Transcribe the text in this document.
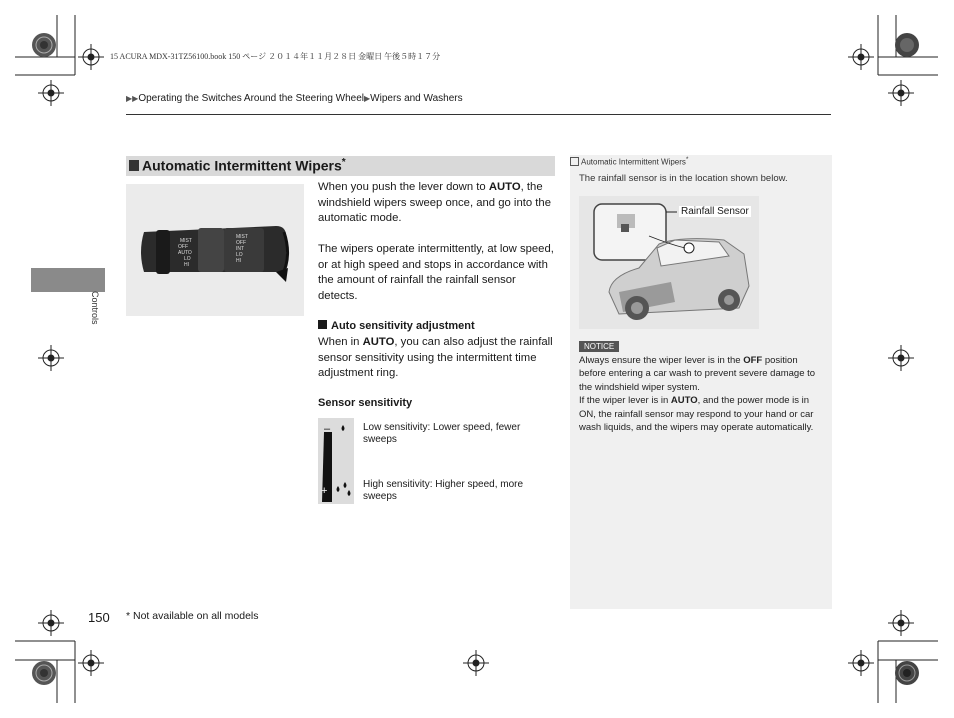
15 ACURA MDX-31TZ56100.book 150 ページ ２０１４年１１月２８日 金曜日 午後５時１７分
▶▶Operating the Switches Around the Steering Wheel▶Wipers and Washers
Controls
Automatic Intermittent Wipers*
MIST
OFF
AUTO
LO
HI
MIST
OFF
INT
LO
HI
When you push the lever down to AUTO, the windshield wipers sweep once, and go into the automatic mode.
The wipers operate intermittently, at low speed, or at high speed and stops in accordance with the amount of rainfall the rainfall sensor detects.
Auto sensitivity adjustment
When in AUTO, you can also adjust the rainfall sensor sensitivity using the intermittent time adjustment ring.
Sensor sensitivity
–
+
Low sensitivity: Lower speed, fewer sweeps
High sensitivity: Higher speed, more sweeps
Automatic Intermittent Wipers*
The rainfall sensor is in the location shown below.
Rainfall Sensor
NOTICE
Always ensure the wiper lever is in the OFF position before entering a car wash to prevent severe damage to the windshield wiper system.
If the wiper lever is in AUTO, and the power mode is in ON, the rainfall sensor may respond to your hand or car wash liquids, and the wipers may operate automatically.
150 * Not available on all models
